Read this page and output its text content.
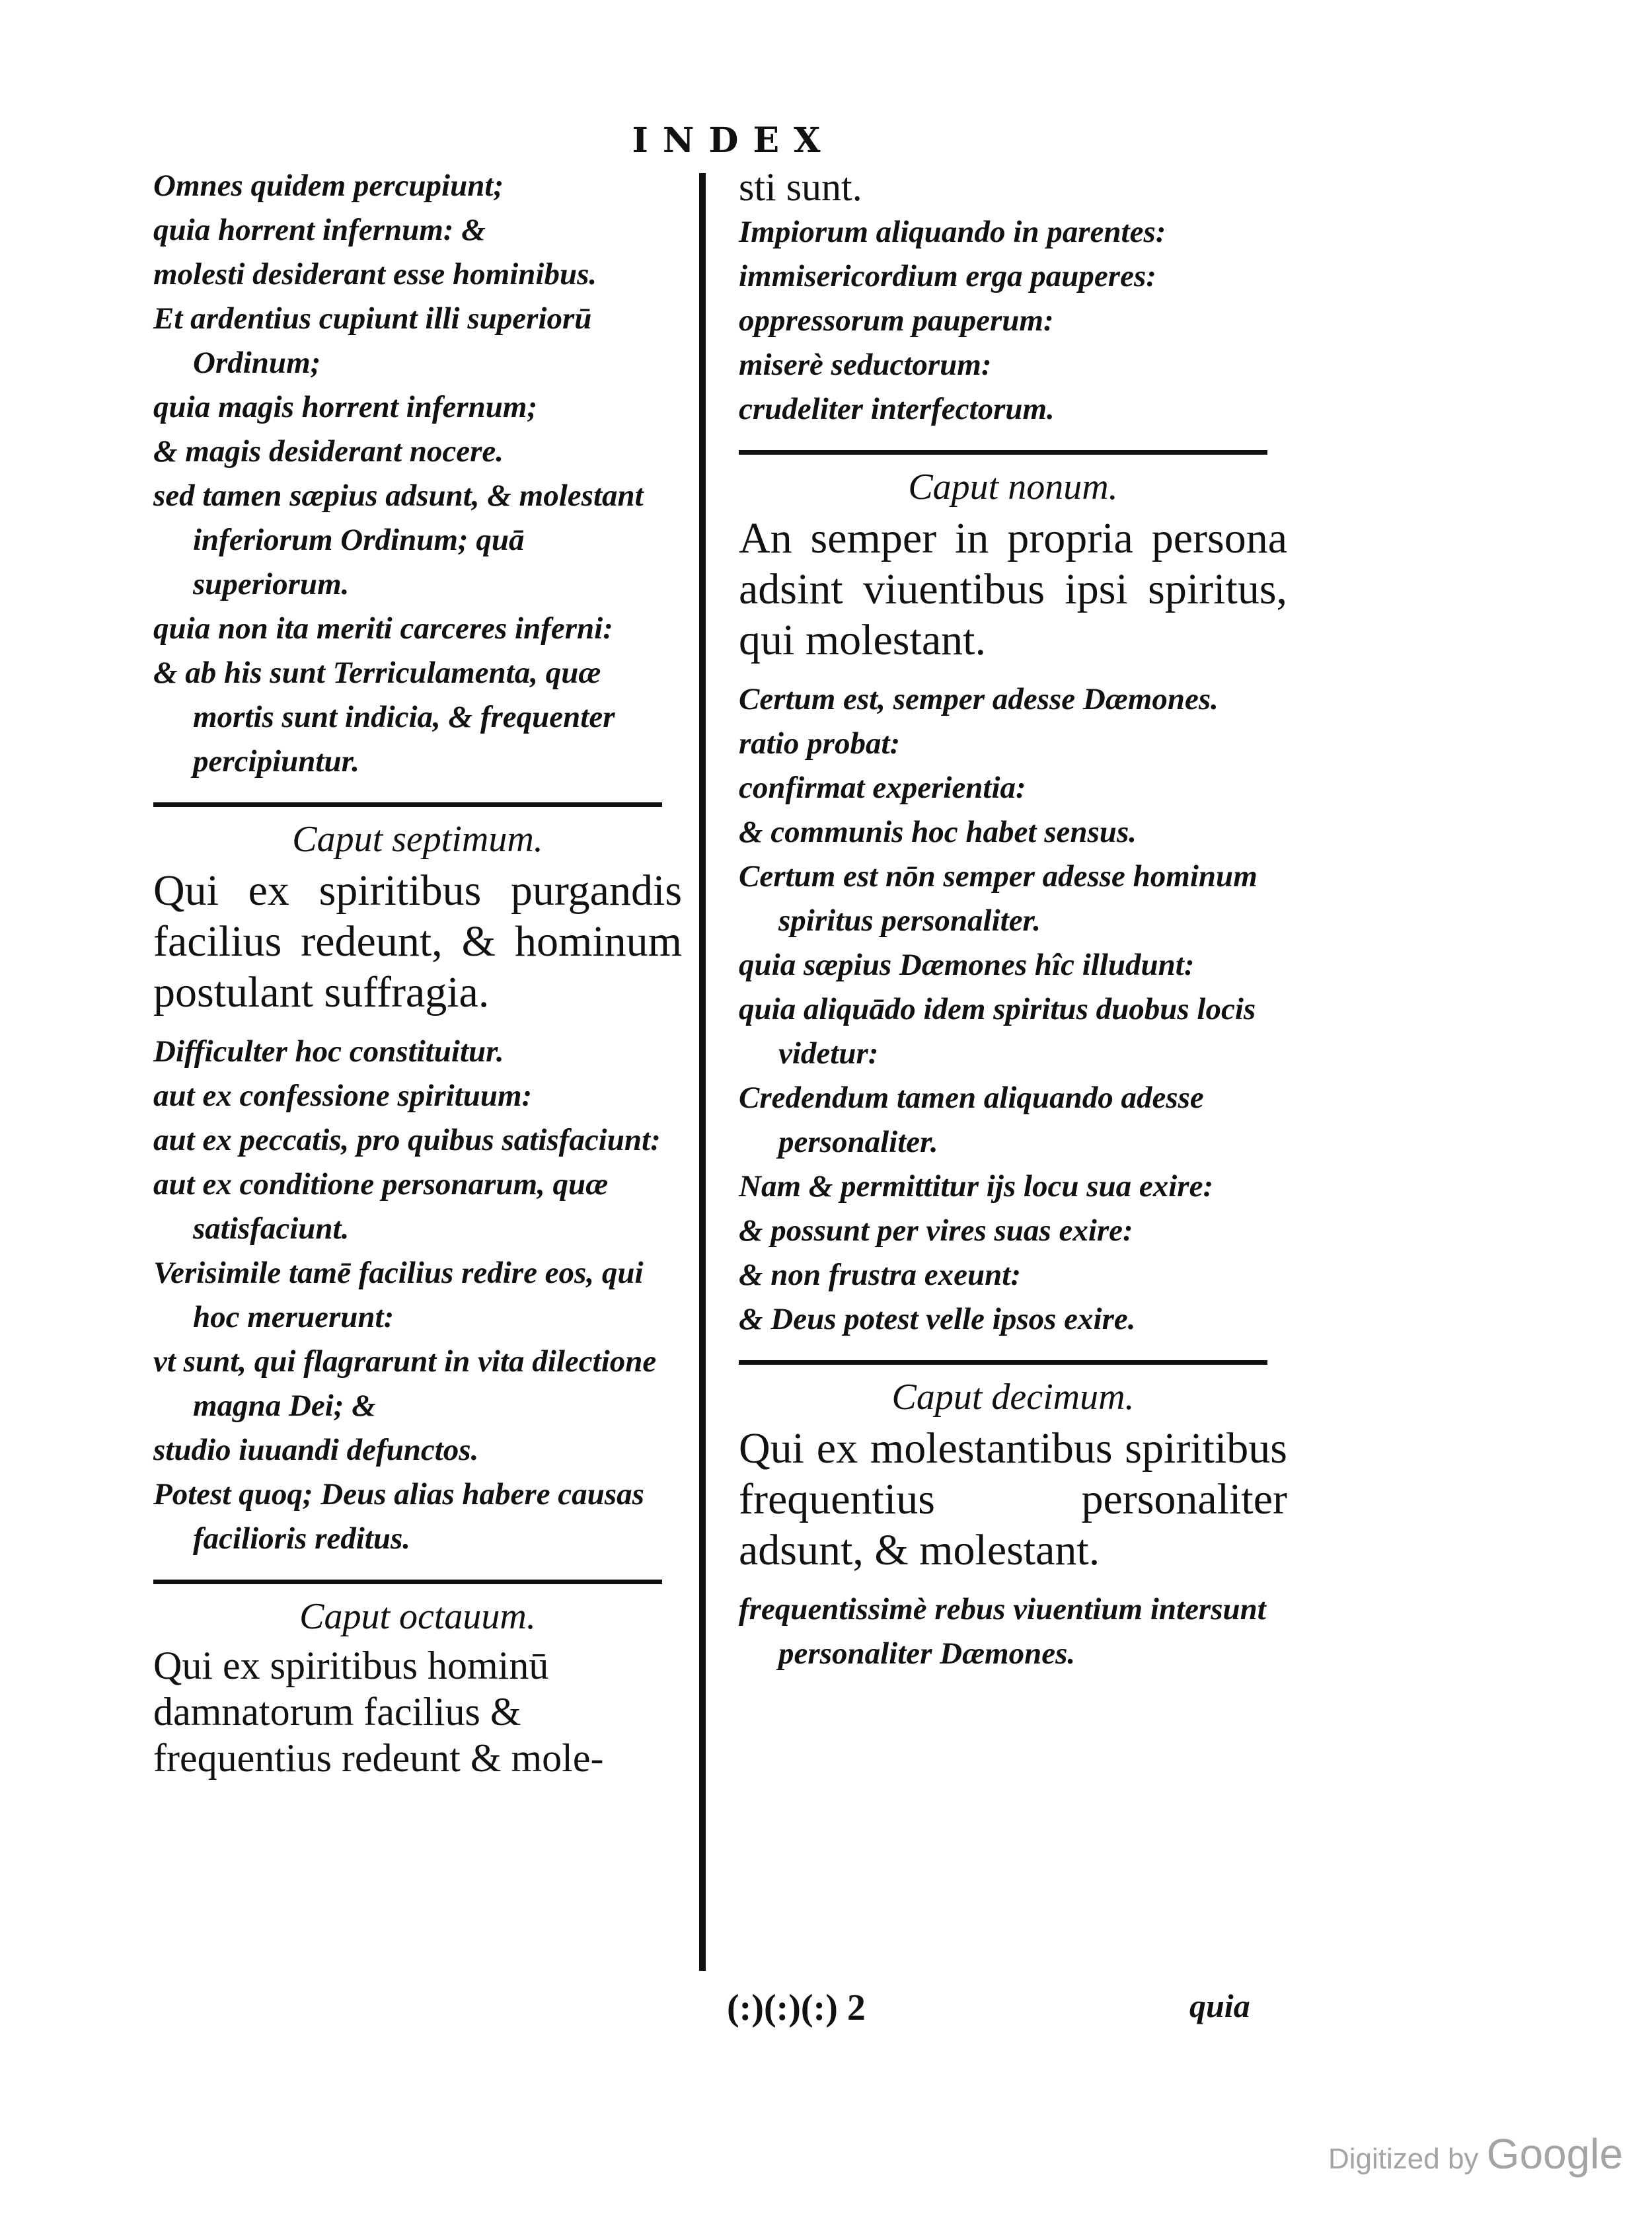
INDEX

Omnes quidem percupiunt;

quia horrent infernum: &

molesti desiderant esse hominibus.

Et ardentius cupiunt illi superiorū Ordinum;

quia magis horrent infernum;

& magis desiderant nocere.

sed tamen sæpius adsunt, & molestant inferiorum Ordinum; quā superiorum.

quia non ita meriti carceres inferni:

& ab his sunt Terriculamenta, quæ mortis sunt indicia, & frequenter percipiuntur.

Caput septimum.

Qui ex spiritibus purgandis facilius redeunt, & hominum postulant suffragia.

Difficulter hoc constituitur.

aut ex confessione spirituum:

aut ex peccatis, pro quibus satisfaciunt:

aut ex conditione personarum, quæ satisfaciunt.

Verisimile tamē facilius redire eos, qui hoc meruerunt:

vt sunt, qui flagrarunt in vita dilectione magna Dei; &

studio iuuandi defunctos.

Potest quoq; Deus alias habere causas facilioris reditus.

Caput octauum.

Qui ex spiritibus hominū damnatorum facilius & frequentius redeunt & mole-

sti sunt.

Impiorum aliquando in parentes:

immisericordium erga pauperes:

oppressorum pauperum:

miserè seductorum:

crudeliter interfectorum.

Caput nonum.

An semper in propria persona adsint viuentibus ipsi spiritus, qui molestant.

Certum est, semper adesse Dæmones.

ratio probat:

confirmat experientia:

& communis hoc habet sensus.

Certum est nōn semper adesse hominum spiritus personaliter.

quia sæpius Dæmones hîc illudunt:

quia aliquādo idem spiritus duobus locis videtur:

Credendum tamen aliquando adesse personaliter.

Nam & permittitur ijs locu sua exire:

& possunt per vires suas exire:

& non frustra exeunt:

& Deus potest velle ipsos exire.

Caput decimum.

Qui ex molestantibus spiritibus frequentius personaliter adsunt, & molestant.

frequentissimè rebus viuentium intersunt personaliter Dæmones.

(:)(:)(:) 2	quia
Digitized by Google
